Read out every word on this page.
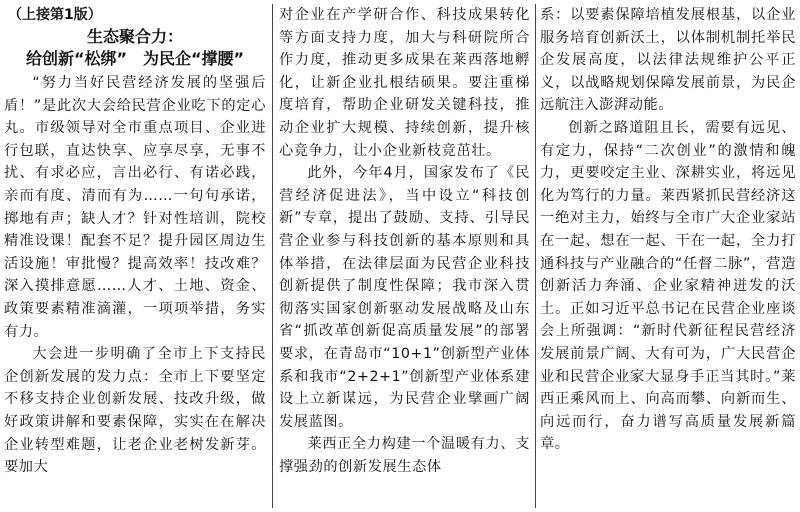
（上接第1版）
生态聚合力：
给创新“松绑”　为民企“撑腰”

“努力当好民营经济发展的坚强后盾！”是此次大会给民营企业吃下的定心丸。市级领导对全市重点项目、企业进行包联，直达快享、应享尽享，无事不扰、有求必应，言出必行、有诺必践，亲而有度、清而有为……一句句承诺，掷地有声；缺人才？针对性培训，院校精准设课！配套不足？提升园区周边生活设施！审批慢？提高效率！技改难？深入摸排意愿……人才、土地、资金、政策要素精准滴灌，一项项举措，务实有力。

大会进一步明确了全市上下支持民企创新发展的发力点：全市上下要坚定不移支持企业创新发展、技改升级，做好政策讲解和要素保障，实实在在解决企业转型难题，让老企业老树发新芽。要加大

对企业在产学研合作、科技成果转化等方面支持力度，加大与科研院所合作力度，推动更多成果在莱西落地孵化，让新企业扎根结硕果。要注重梯度培育，帮助企业研发关键科技，推动企业扩大规模、持续创新，提升核心竞争力，让小企业新枝竞茁壮。

此外，今年4月，国家发布了《民营经济促进法》，当中设立“科技创新”专章，提出了鼓励、支持、引导民营企业参与科技创新的基本原则和具体举措，在法律层面为民营企业科技创新提供了制度性保障；我市深入贯彻落实国家创新驱动发展战略及山东省“抓改革创新促高质量发展”的部署要求，在青岛市“10+1”创新型产业体系和我市“2+2+1”创新型产业体系建设上立新谋远，为民营企业擘画广阔发展蓝图。

莱西正全力构建一个温暖有力、支撑强劲的创新发展生态体

系：以要素保障培植发展根基，以企业服务培育创新沃土，以体制机制托举民企发展高度，以法律法规维护公平正义，以战略规划保障发展前景，为民企远航注入澎湃动能。

创新之路道阻且长，需要有远见、有定力，保持“二次创业”的激情和魄力，更要咬定主业、深耕实业，将远见化为笃行的力量。莱西紧抓民营经济这一绝对主力，始终与全市广大企业家站在一起、想在一起、干在一起，全力打通科技与产业融合的“任督二脉”，营造创新活力奔涌、企业家精神迸发的沃土。正如习近平总书记在民营企业座谈会上所强调：“新时代新征程民营经济发展前景广阔、大有可为，广大民营企业和民营企业家大显身手正当其时。”莱西正乘风而上、向高而攀、向新而生、向远而行，奋力谱写高质量发展新篇章。
